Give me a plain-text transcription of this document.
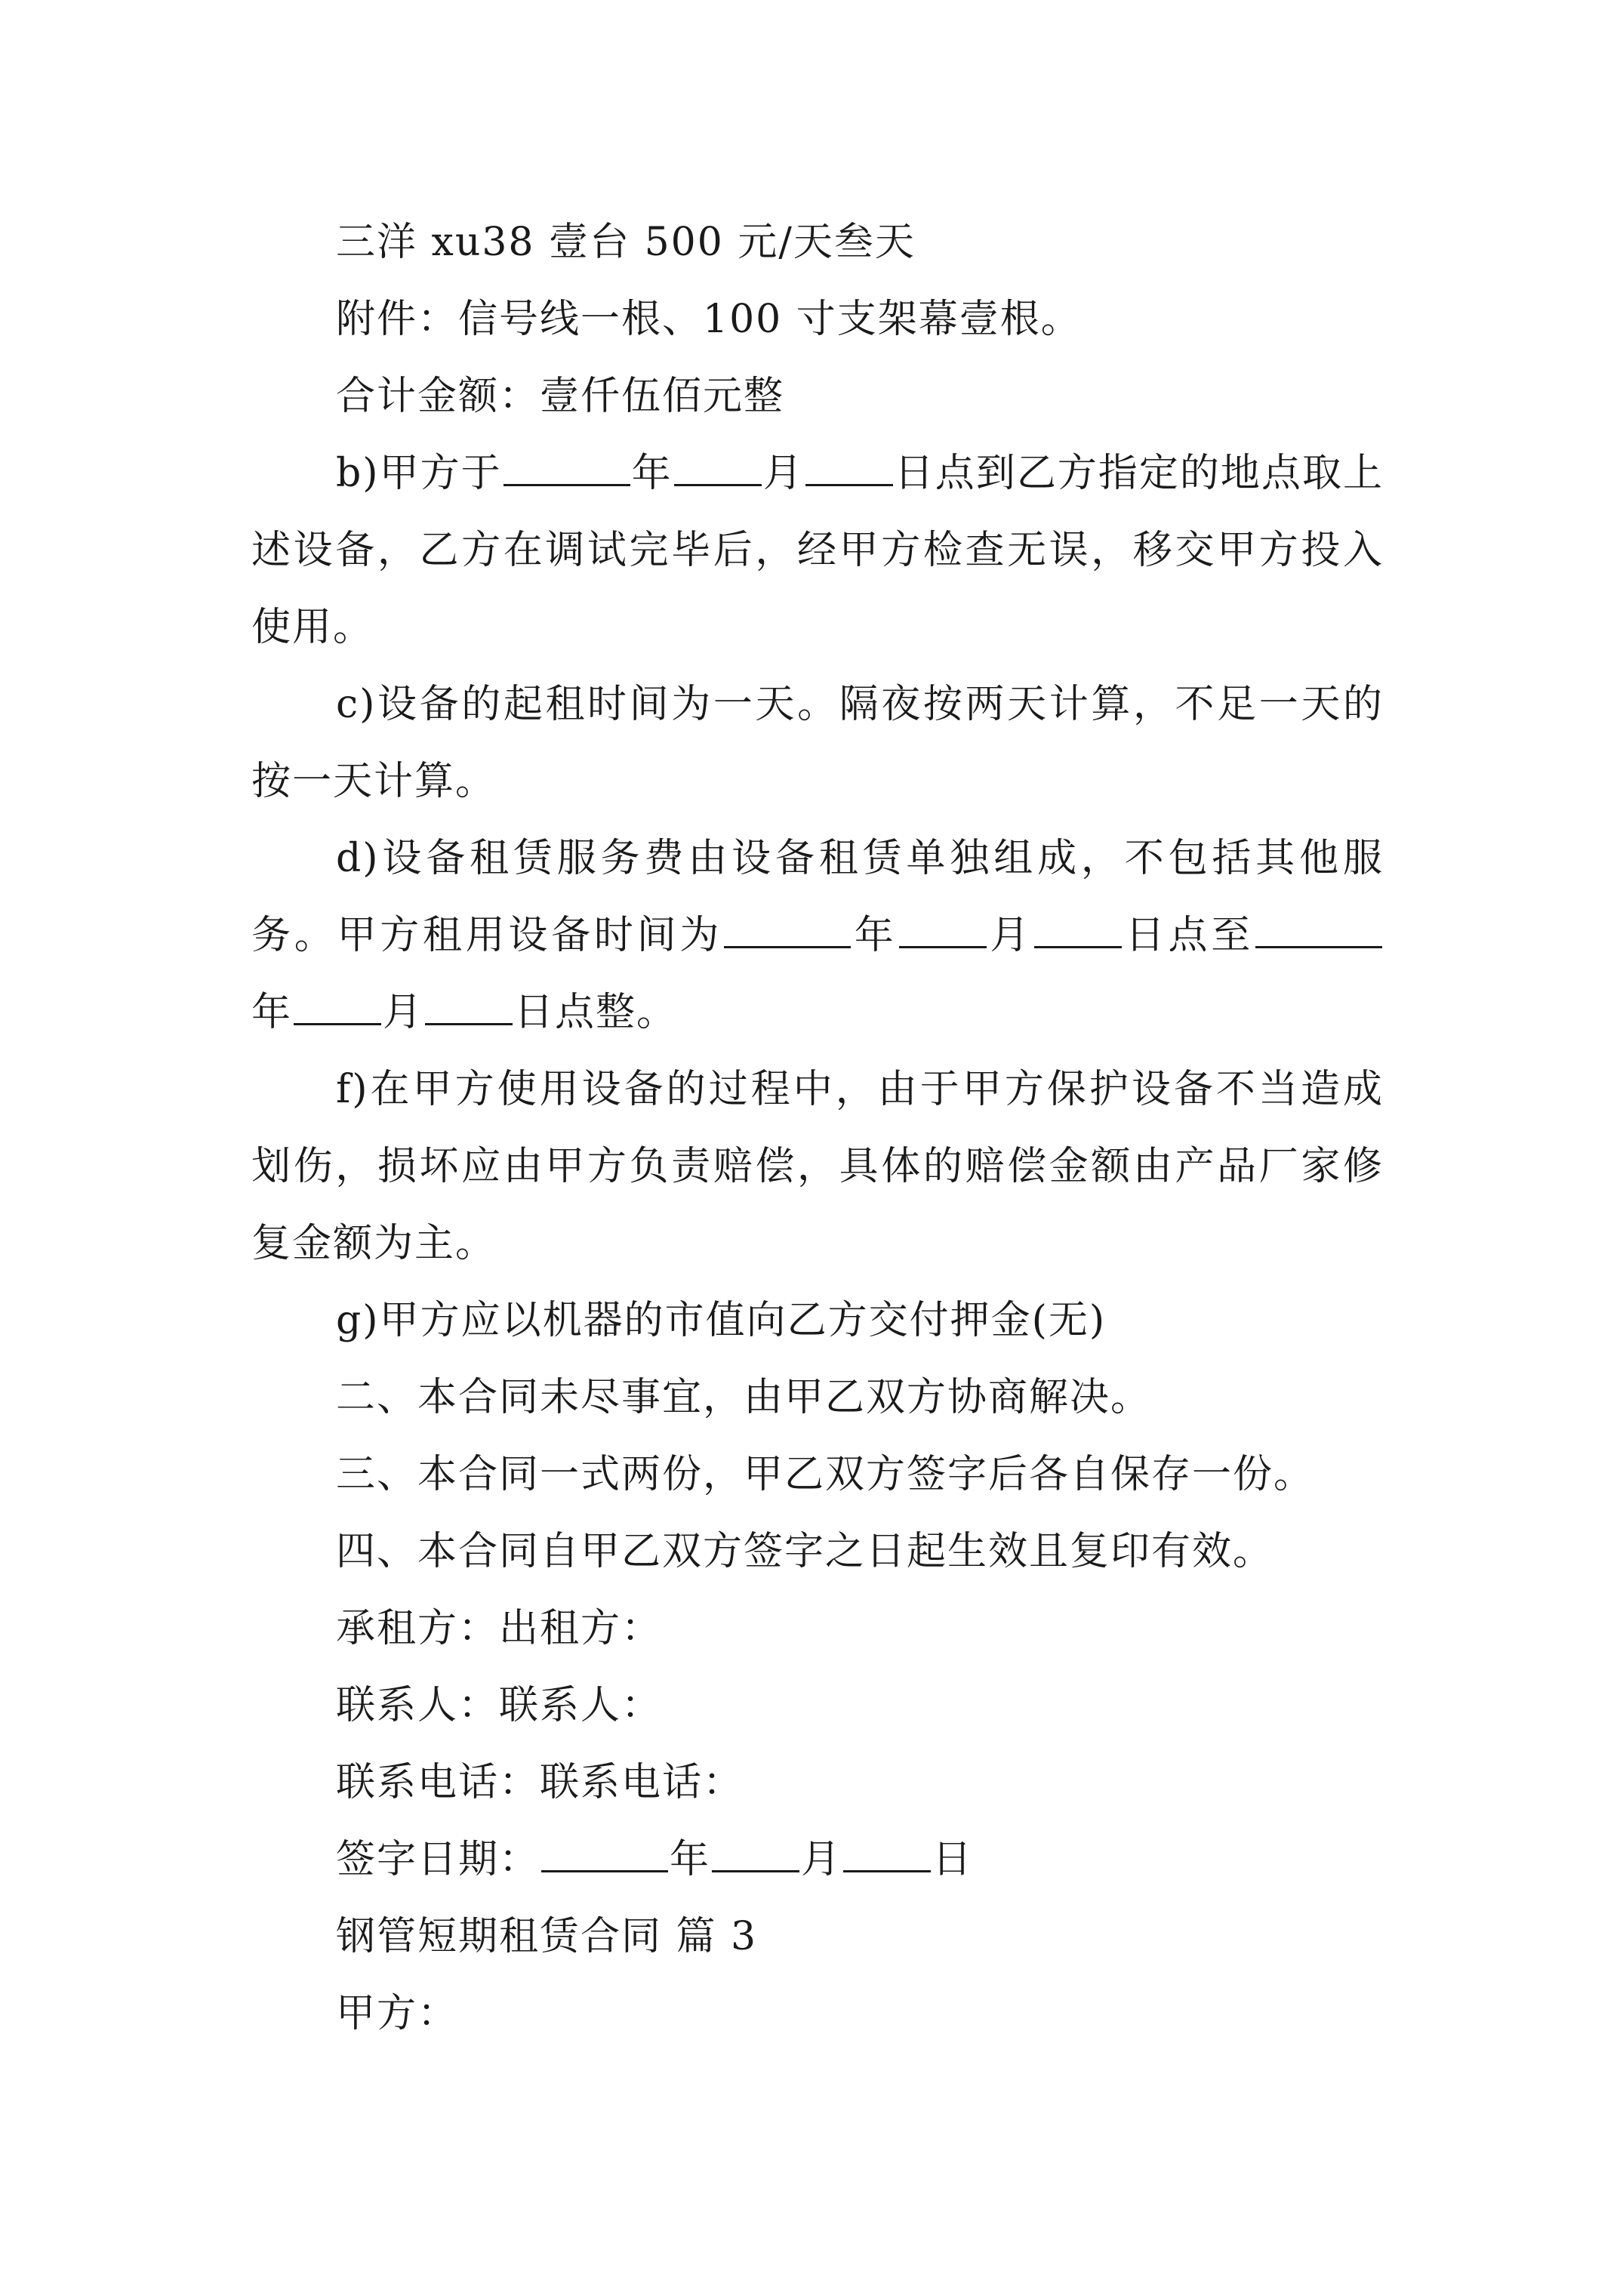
三洋 xu38 壹台 500 元/天叁天

附件：信号线一根、100 寸支架幕壹根。

合计金额：壹仟伍佰元整

b)甲方于	年 月 日点到乙方指定的地点取上述设备，乙方在调试完毕后，经甲方检查无误，移交甲方投入使用。

c)设备的起租时间为一天。隔夜按两天计算，不足一天的按一天计算。

d)设备租赁服务费由设备租赁单独组成，不包括其他服务。甲方租用设备时间为	年 月 日点至年 月 日点整。

f)在甲方使用设备的过程中，由于甲方保护设备不当造成划伤，损坏应由甲方负责赔偿，具体的赔偿金额由产品厂家修复金额为主。

g)甲方应以机器的市值向乙方交付押金(无)

二、本合同未尽事宜，由甲乙双方协商解决。

三、本合同一式两份，甲乙双方签字后各自保存一份。

四、本合同自甲乙双方签字之日起生效且复印有效。

承租方：出租方：

联系人：联系人：

联系电话：联系电话：

签字日期：	年 月 日

钢管短期租赁合同 篇 3

甲方：
